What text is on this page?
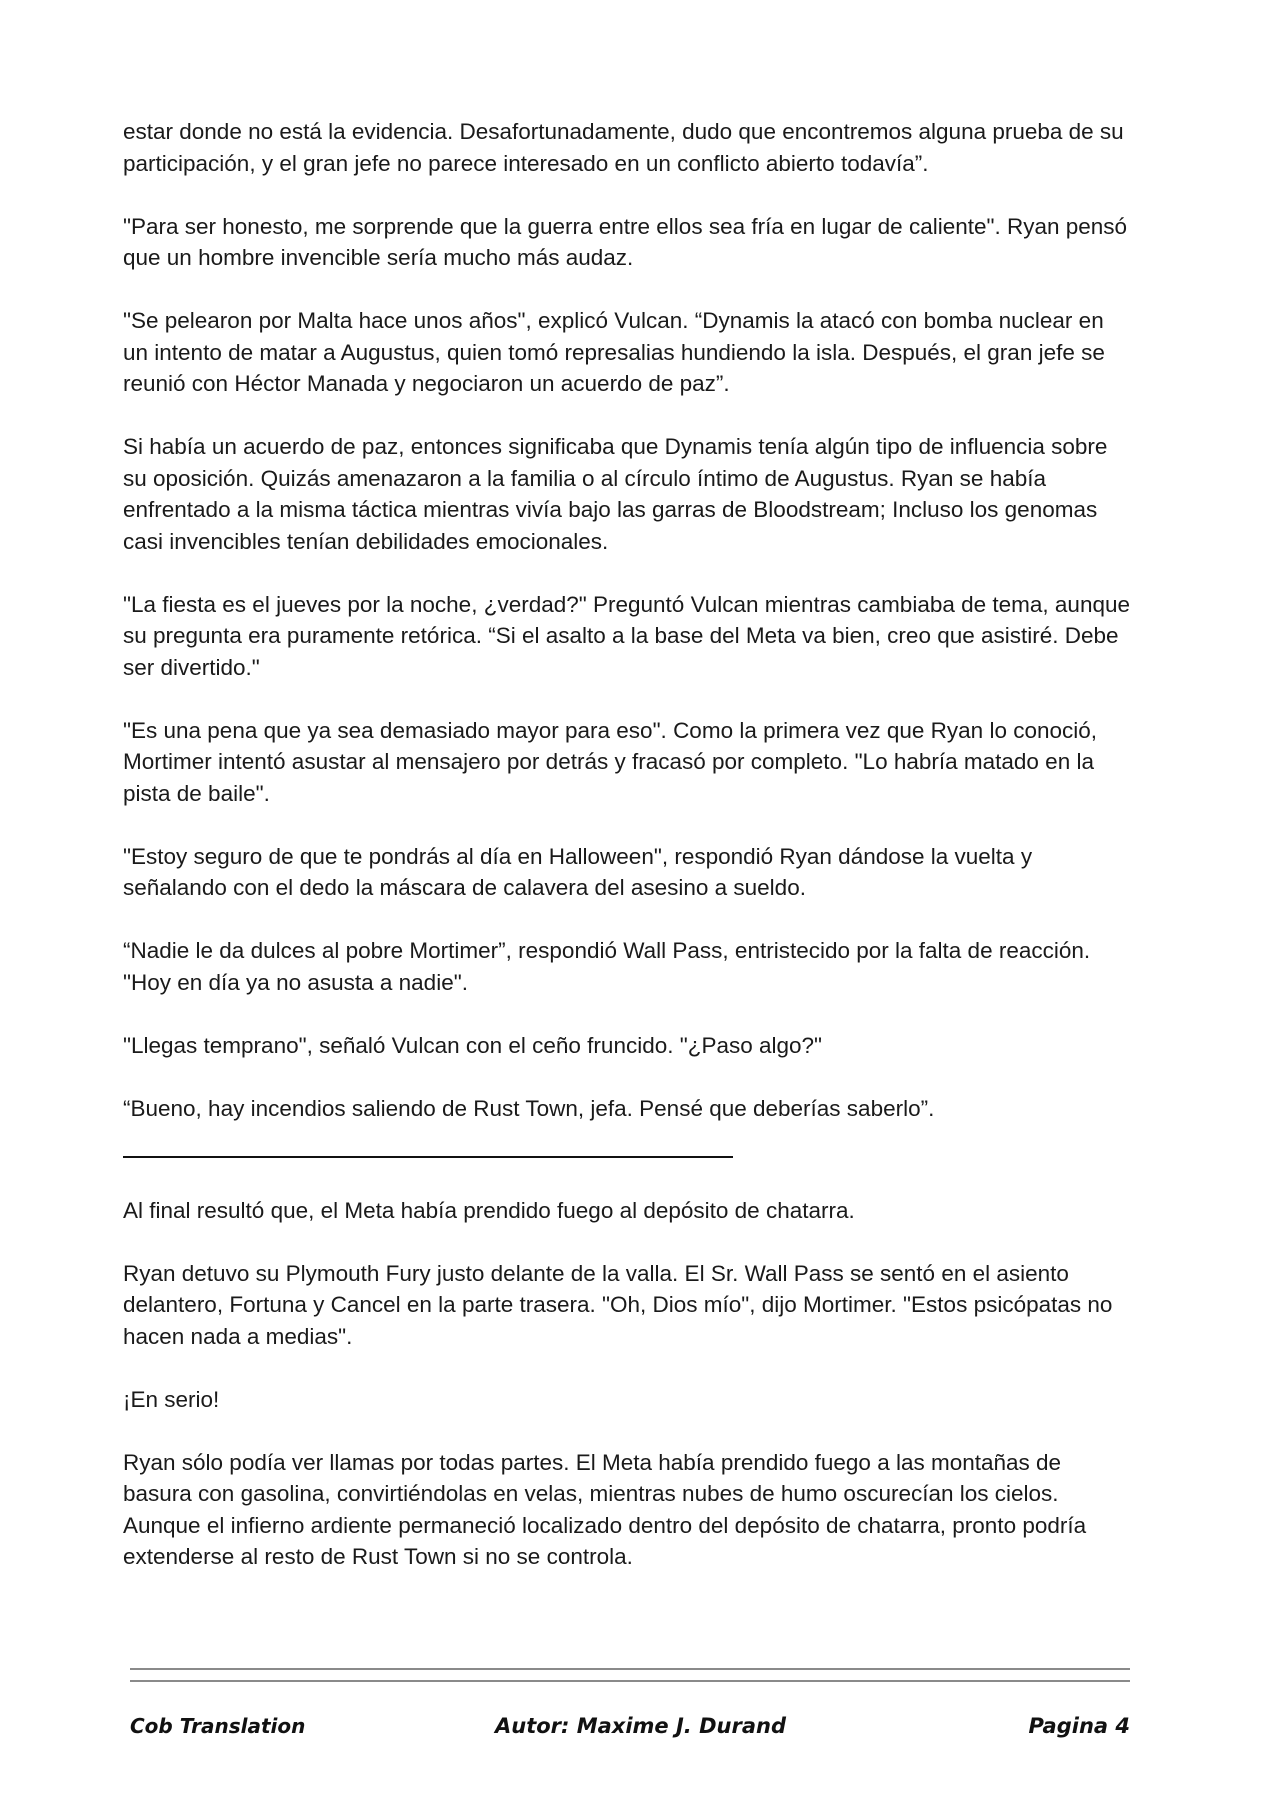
estar donde no está la evidencia. Desafortunadamente, dudo que encontremos alguna prueba de su participación, y el gran jefe no parece interesado en un conflicto abierto todavía”.

"Para ser honesto, me sorprende que la guerra entre ellos sea fría en lugar de caliente". Ryan pensó que un hombre invencible sería mucho más audaz.

"Se pelearon por Malta hace unos años", explicó Vulcan. “Dynamis la atacó con bomba nuclear en un intento de matar a Augustus, quien tomó represalias hundiendo la isla. Después, el gran jefe se reunió con Héctor Manada y negociaron un acuerdo de paz”.

Si había un acuerdo de paz, entonces significaba que Dynamis tenía algún tipo de influencia sobre su oposición. Quizás amenazaron a la familia o al círculo íntimo de Augustus. Ryan se había enfrentado a la misma táctica mientras vivía bajo las garras de Bloodstream; Incluso los genomas casi invencibles tenían debilidades emocionales.

"La fiesta es el jueves por la noche, ¿verdad?" Preguntó Vulcan mientras cambiaba de tema, aunque su pregunta era puramente retórica. “Si el asalto a la base del Meta va bien, creo que asistiré. Debe ser divertido."

"Es una pena que ya sea demasiado mayor para eso". Como la primera vez que Ryan lo conoció, Mortimer intentó asustar al mensajero por detrás y fracasó por completo. "Lo habría matado en la pista de baile".

"Estoy seguro de que te pondrás al día en Halloween", respondió Ryan dándose la vuelta y señalando con el dedo la máscara de calavera del asesino a sueldo.

“Nadie le da dulces al pobre Mortimer”, respondió Wall Pass, entristecido por la falta de reacción. "Hoy en día ya no asusta a nadie".

"Llegas temprano", señaló Vulcan con el ceño fruncido. "¿Paso algo?"

“Bueno, hay incendios saliendo de Rust Town, jefa. Pensé que deberías saberlo”.

Al final resultó que, el Meta había prendido fuego al depósito de chatarra.

Ryan detuvo su Plymouth Fury justo delante de la valla. El Sr. Wall Pass se sentó en el asiento delantero, Fortuna y Cancel en la parte trasera. "Oh, Dios mío", dijo Mortimer. "Estos psicópatas no hacen nada a medias".

¡En serio!

Ryan sólo podía ver llamas por todas partes. El Meta había prendido fuego a las montañas de basura con gasolina, convirtiéndolas en velas, mientras nubes de humo oscurecían los cielos. Aunque el infierno ardiente permaneció localizado dentro del depósito de chatarra, pronto podría extenderse al resto de Rust Town si no se controla.

Cob Translation	Autor: Maxime J. Durand	Pagina 4
